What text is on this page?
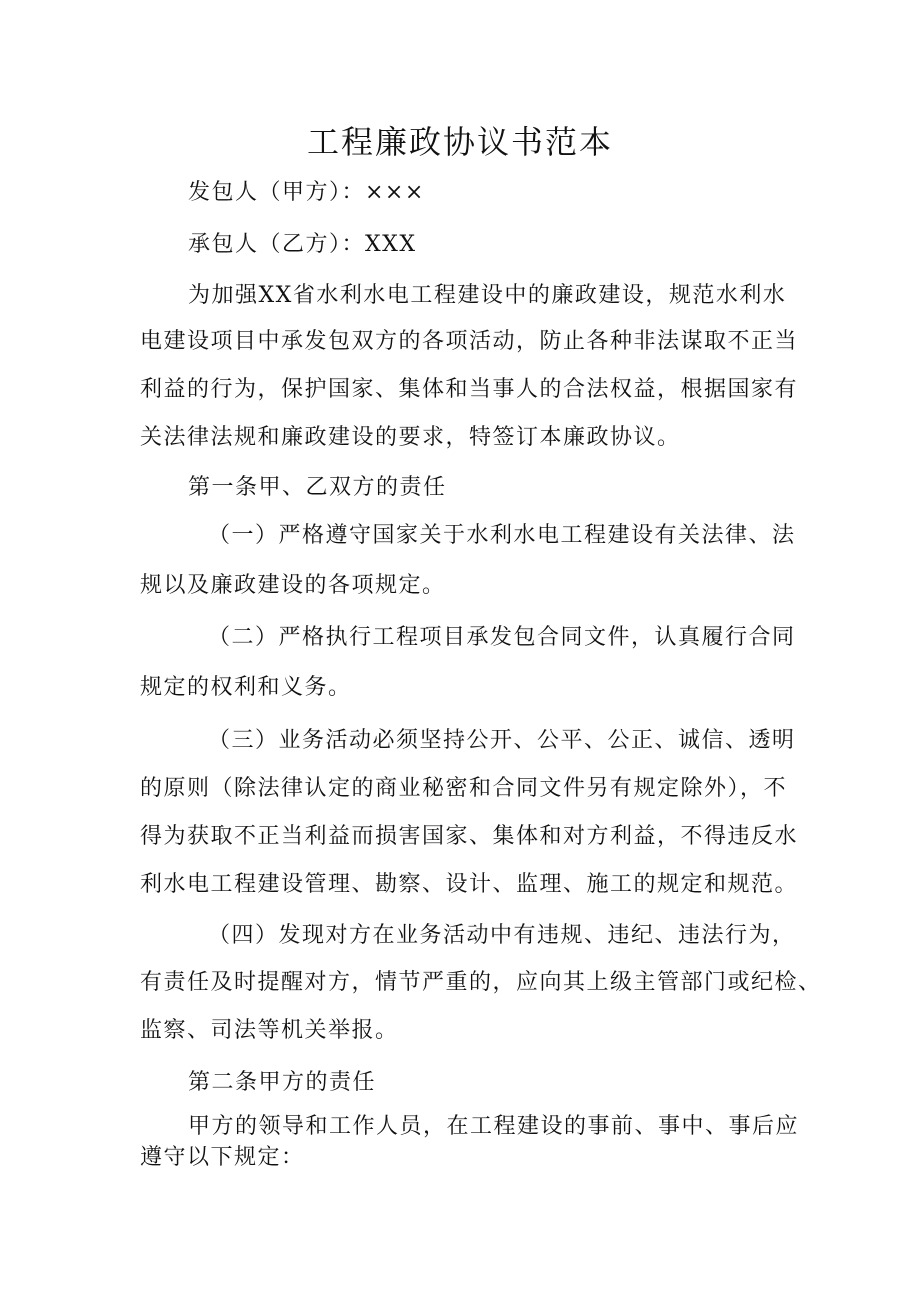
工程廉政协议书范本
发包人（甲方）：×××
承包人（乙方）：XXX
为加强XX省水利水电工程建设中的廉政建设，规范水利水
电建设项目中承发包双方的各项活动，防止各种非法谋取不正当
利益的行为，保护国家、集体和当事人的合法权益，根据国家有
关法律法规和廉政建设的要求，特签订本廉政协议。
第一条甲、乙双方的责任
（一）严格遵守国家关于水利水电工程建设有关法律、法
规以及廉政建设的各项规定。
（二）严格执行工程项目承发包合同文件，认真履行合同
规定的权利和义务。
（三）业务活动必须坚持公开、公平、公正、诚信、透明
的原则（除法律认定的商业秘密和合同文件另有规定除外），不
得为获取不正当利益而损害国家、集体和对方利益，不得违反水
利水电工程建设管理、勘察、设计、监理、施工的规定和规范。
（四）发现对方在业务活动中有违规、违纪、违法行为，
有责任及时提醒对方，情节严重的，应向其上级主管部门或纪检、
监察、司法等机关举报。
第二条甲方的责任
甲方的领导和工作人员，在工程建设的事前、事中、事后应
遵守以下规定：
